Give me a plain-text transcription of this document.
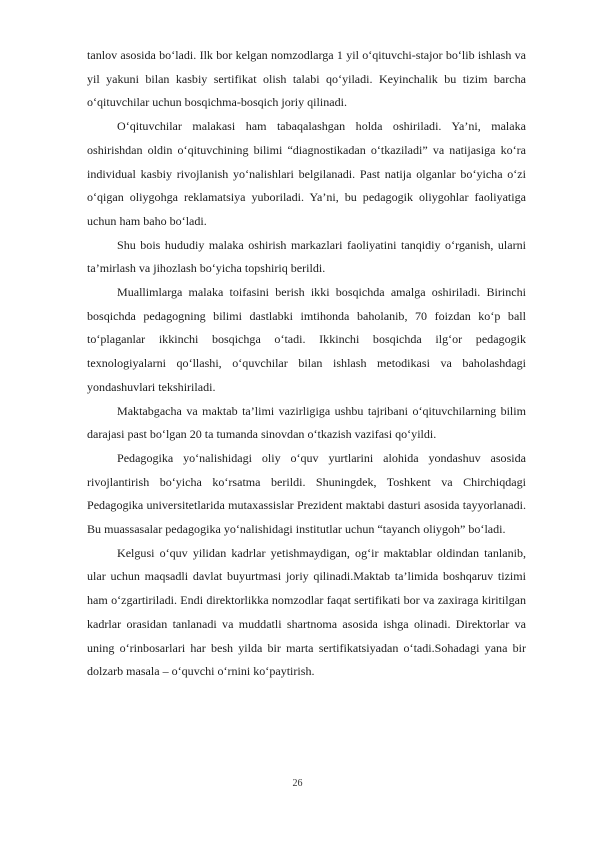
tanlov asosida bo‘ladi. Ilk bor kelgan nomzodlarga 1 yil o‘qituvchi-stajor bo‘lib ishlash va yil yakuni bilan kasbiy sertifikat olish talabi qo‘yiladi. Keyinchalik bu tizim barcha o‘qituvchilar uchun bosqichma-bosqich joriy qilinadi.

O‘qituvchilar malakasi ham tabaqalashgan holda oshiriladi. Ya’ni, malaka oshirishdan oldin o‘qituvchining bilimi “diagnostikadan o‘tkaziladi” va natijasiga ko‘ra individual kasbiy rivojlanish yo‘nalishlari belgilanadi. Past natija olganlar bo‘yicha o‘zi o‘qigan oliygohga reklamatsiya yuboriladi. Ya’ni, bu pedagogik oliygohlar faoliyatiga uchun ham baho bo‘ladi.

Shu bois hududiy malaka oshirish markazlari faoliyatini tanqidiy o‘rganish, ularni ta’mirlash va jihozlash bo‘yicha topshiriq berildi.

Muallimlarga malaka toifasini berish ikki bosqichda amalga oshiriladi. Birinchi bosqichda pedagogning bilimi dastlabki imtihonda baholanib, 70 foizdan ko‘p ball to‘plaganlar ikkinchi bosqichga o‘tadi. Ikkinchi bosqichda ilg‘or pedagogik texnologiyalarni qo‘llashi, o‘quvchilar bilan ishlash metodikasi va baholashdagi yondashuvlari tekshiriladi.

Maktabgacha va maktab ta’limi vazirligiga ushbu tajribani o‘qituvchilarning bilim darajasi past bo‘lgan 20 ta tumanda sinovdan o‘tkazish vazifasi qo‘yildi.

Pedagogika yo‘nalishidagi oliy o‘quv yurtlarini alohida yondashuv asosida rivojlantirish bo‘yicha ko‘rsatma berildi. Shuningdek, Toshkent va Chirchiqdagi Pedagogika universitetlarida mutaxassislar Prezident maktabi dasturi asosida tayyorlanadi. Bu muassasalar pedagogika yo‘nalishidagi institutlar uchun “tayanch oliygoh” bo‘ladi.

Kelgusi o‘quv yilidan kadrlar yetishmaydigan, og‘ir maktablar oldindan tanlanib, ular uchun maqsadli davlat buyurtmasi joriy qilinadi.Maktab ta’limida boshqaruv tizimi ham o‘zgartiriladi. Endi direktorlikka nomzodlar faqat sertifikati bor va zaxiraga kiritilgan kadrlar orasidan tanlanadi va muddatli shartnoma asosida ishga olinadi. Direktorlar va uning o‘rinbosarlari har besh yilda bir marta sertifikatsiyadan o‘tadi.Sohadagi yana bir dolzarb masala – o‘quvchi o‘rnini ko‘paytirish.

26
